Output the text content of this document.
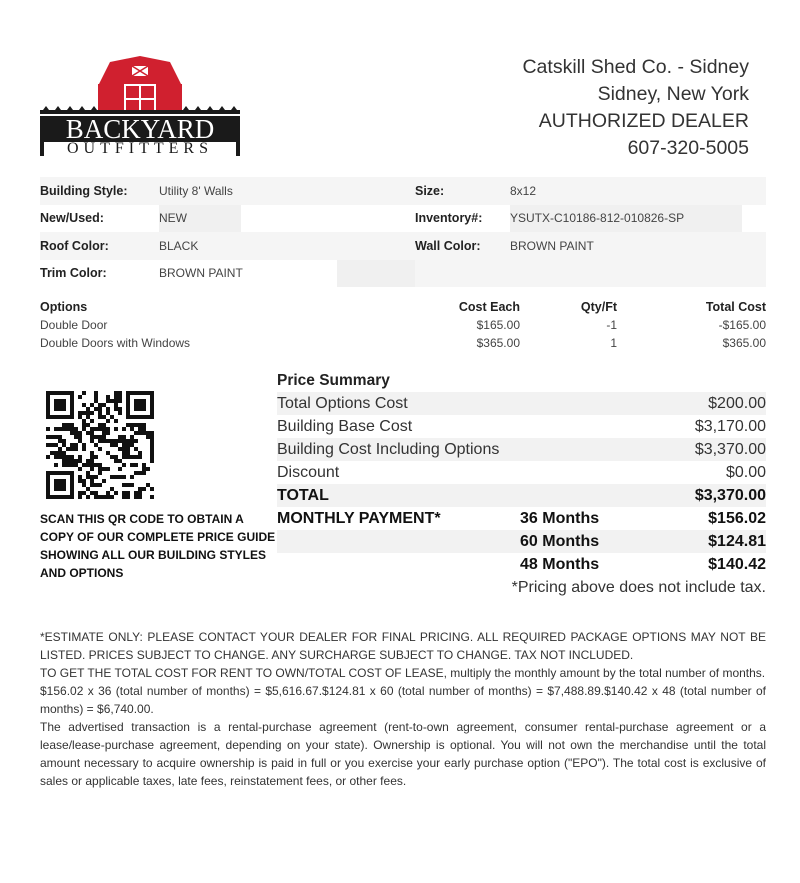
BACKYARD
OUTFITTERS
Catskill Shed Co. - Sidney
Sidney, New York
AUTHORIZED DEALER
607-320-5005
Building Style:	Utility 8' Walls	Size:	8x12
New/Used:	NEW	Inventory#:	YSUTX-C10186-812-010826-SP
Roof Color:	BLACK	Wall Color:	BROWN PAINT
Trim Color:	BROWN PAINT
Options	Cost Each	Qty/Ft	Total Cost
Double Door	$165.00	-1	-$165.00
Double Doors with Windows	$365.00	1	$365.00
SCAN THIS QR CODE TO OBTAIN A COPY OF OUR COMPLETE PRICE GUIDE SHOWING ALL OUR BUILDING STYLES AND OPTIONS
Price Summary
Total Options Cost	$200.00
Building Base Cost	$3,170.00
Building Cost Including Options	$3,370.00
Discount	$0.00
TOTAL	$3,370.00
MONTHLY PAYMENT*	36 Months	$156.02
60 Months	$124.81
48 Months	$140.42
*Pricing above does not include tax.

*ESTIMATE ONLY: PLEASE CONTACT YOUR DEALER FOR FINAL PRICING. ALL REQUIRED PACKAGE OPTIONS MAY NOT BE LISTED. PRICES SUBJECT TO CHANGE. ANY SURCHARGE SUBJECT TO CHANGE. TAX NOT INCLUDED.

TO GET THE TOTAL COST FOR RENT TO OWN/TOTAL COST OF LEASE, multiply the monthly amount by the total number of months.

$156.02 x 36 (total number of months) = $5,616.67.$124.81 x 60 (total number of months) = $7,488.89.$140.42 x 48 (total number of months) = $6,740.00.

The advertised transaction is a rental-purchase agreement (rent-to-own agreement, consumer rental-purchase agreement or a lease/lease-purchase agreement, depending on your state). Ownership is optional. You will not own the merchandise until the total amount necessary to acquire ownership is paid in full or you exercise your early purchase option ("EPO"). The total cost is exclusive of sales or applicable taxes, late fees, reinstatement fees, or other fees.
